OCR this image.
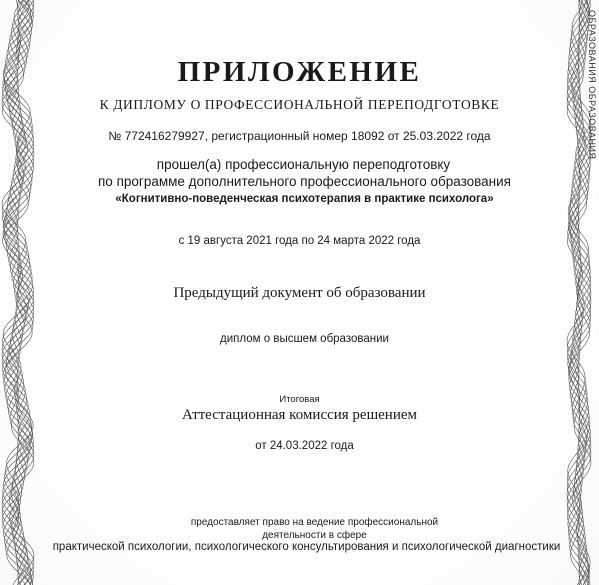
ОБРАЗОВАНИЯ ОБРАЗОВАНИЯ
ПРИЛОЖЕНИЕ
К ДИПЛОМУ О ПРОФЕССИОНАЛЬНОЙ ПЕРЕПОДГОТОВКЕ
№ 772416279927, регистрационный номер 18092 от 25.03.2022 года
прошел(а) профессиональную переподготовку
по программе дополнительного профессионального образования
«Когнитивно-поведенческая психотерапия в практике психолога»
с 19 августа 2021 года по 24 марта 2022 года
Предыдущий документ об образовании
диплом о высшем образовании
Итоговая
Аттестационная комиссия решением
от 24.03.2022 года
предоставляет право на ведение профессиональной
деятельности в сфере
практической психологии, психологического консультирования и психологической диагностики
